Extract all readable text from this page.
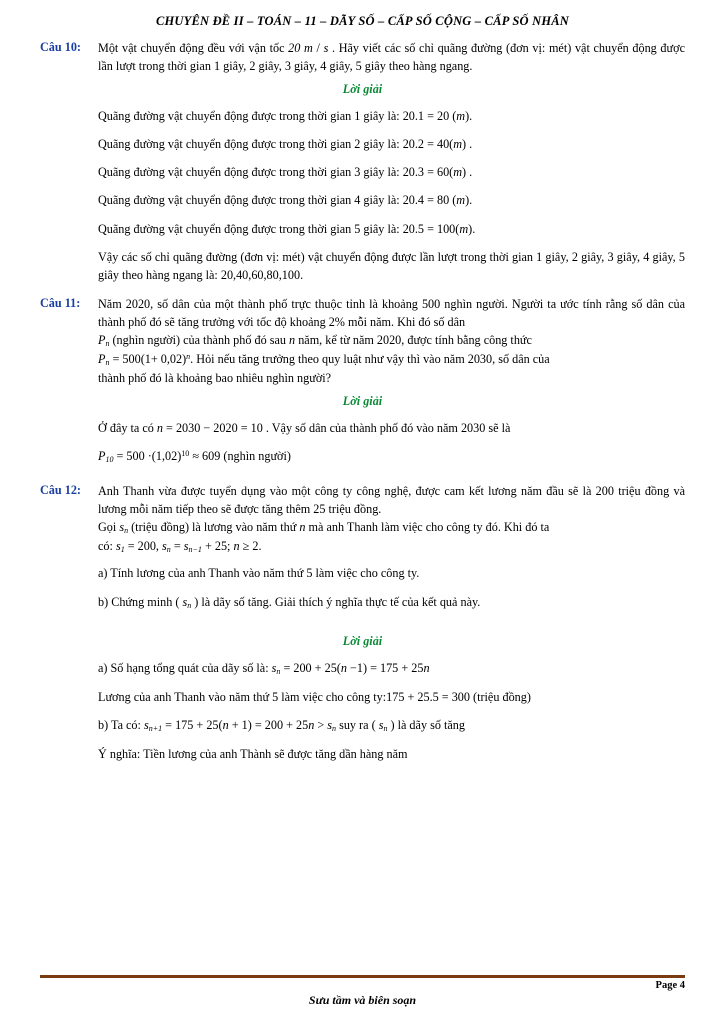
CHUYÊN ĐỀ II – TOÁN – 11 – DÃY SỐ – CẤP SỐ CỘNG – CẤP SỐ NHÂN
Câu 10:	Một vật chuyển động đều với vận tốc 20 m / s . Hãy viết các số chỉ quãng đường (đơn vị: mét) vật chuyển động được lần lượt trong thời gian 1 giây, 2 giây, 3 giây, 4 giây, 5 giây theo hàng ngang.
Lời giải
Quãng đường vật chuyển động được trong thời gian 1 giây là: 20.1 = 20 (m).
Quãng đường vật chuyển động được trong thời gian 2 giây là: 20.2 = 40(m) .
Quãng đường vật chuyển động được trong thời gian 3 giây là: 20.3 = 60(m) .
Quãng đường vật chuyển động được trong thời gian 4 giây là: 20.4 = 80 (m).
Quãng đường vật chuyển động được trong thời gian 5 giây là: 20.5 = 100(m).
Vậy các số chỉ quãng đường (đơn vị: mét) vật chuyển động được lần lượt trong thời gian 1 giây, 2 giây, 3 giây, 4 giây, 5 giây theo hàng ngang là: 20,40,60,80,100.
Câu 11:	Năm 2020, số dân của một thành phố trực thuộc tỉnh là khoảng 500 nghìn người. Người ta ước tính rằng số dân của thành phố đó sẽ tăng trưởng với tốc độ khoảng 2% mỗi năm. Khi đó số dân
$P_n$ (nghìn người) của thành phố đó sau n năm, kể từ năm 2020, được tính bằng công thức
$P_n = 500(1+ 0,02)^n$. Hỏi nếu tăng trưởng theo quy luật như vậy thì vào năm 2030, số dân của
thành phố đó là khoảng bao nhiêu nghìn người?
Lời giải
Ở đây ta có n = 2030 − 2020 = 10 . Vậy số dân của thành phố đó vào năm 2030 sẽ là
$P_{10} = 500 \cdot(1,02)^{10} \approx 609$ (nghìn người)
Câu 12:	Anh Thanh vừa được tuyển dụng vào một công ty công nghệ, được cam kết lương năm đầu sẽ là 200 triệu đồng và lương mỗi năm tiếp theo sẽ được tăng thêm 25 triệu đồng.
Gọi $s_n$ (triệu đồng) là lương vào năm thứ n mà anh Thanh làm việc cho công ty đó. Khi đó ta
có: $s_1 = 200$, $s_n = s_{n-1} + 25$; n ≥ 2.
a) Tính lương của anh Thanh vào năm thứ 5 làm việc cho công ty.
b) Chứng minh ( $s_n$ ) là dãy số tăng. Giải thích ý nghĩa thực tế của kết quả này.
Lời giải
a) Số hạng tổng quát của dãy số là: $s_n = 200 + 25(n -1) = 175 + 25n$
Lương của anh Thanh vào năm thứ 5 làm việc cho công ty:175 + 25.5 = 300 (triệu đồng)
b) Ta có: $s_{n+1} = 175 + 25(n + 1) = 200 + 25n > s_n$ suy ra ( $s_n$ ) là dãy số tăng
Ý nghĩa: Tiền lương của anh Thành sẽ được tăng dần hàng năm
Page 4
Sưu tầm và biên soạn
